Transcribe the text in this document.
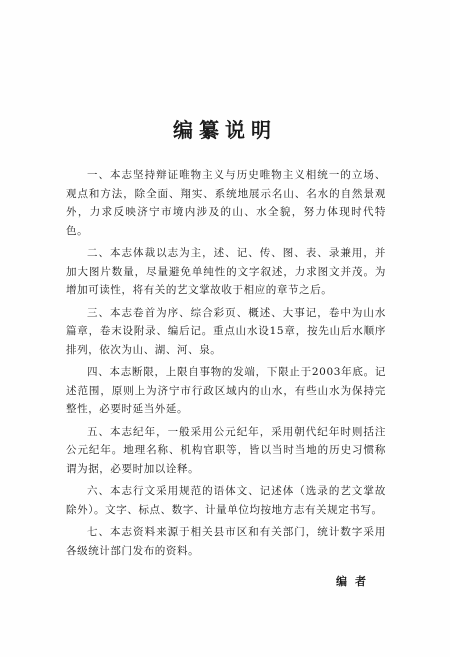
编纂说明

一、本志坚持辩证唯物主义与历史唯物主义相统一的立场、观点和方法，除全面、翔实、系统地展示名山、名水的自然景观外，力求反映济宁市境内涉及的山、水全貌，努力体现时代特色。

二、本志体裁以志为主，述、记、传、图、表、录兼用，并加大图片数量，尽量避免单纯性的文字叙述，力求图文并茂。为增加可读性，将有关的艺文掌故收于相应的章节之后。

三、本志卷首为序、综合彩页、概述、大事记，卷中为山水篇章，卷末设附录、编后记。重点山水设15章，按先山后水顺序排列，依次为山、湖、河、泉。

四、本志断限，上限自事物的发端，下限止于2003年底。记述范围，原则上为济宁市行政区域内的山水，有些山水为保持完整性，必要时延当外延。

五、本志纪年，一般采用公元纪年，采用朝代纪年时则括注公元纪年。地理名称、机构官职等，皆以当时当地的历史习惯称谓为据，必要时加以诠释。

六、本志行文采用规范的语体文、记述体（选录的艺文掌故除外）。文字、标点、数字、计量单位均按地方志有关规定书写。

七、本志资料来源于相关县市区和有关部门，统计数字采用各级统计部门发布的资料。

编者
